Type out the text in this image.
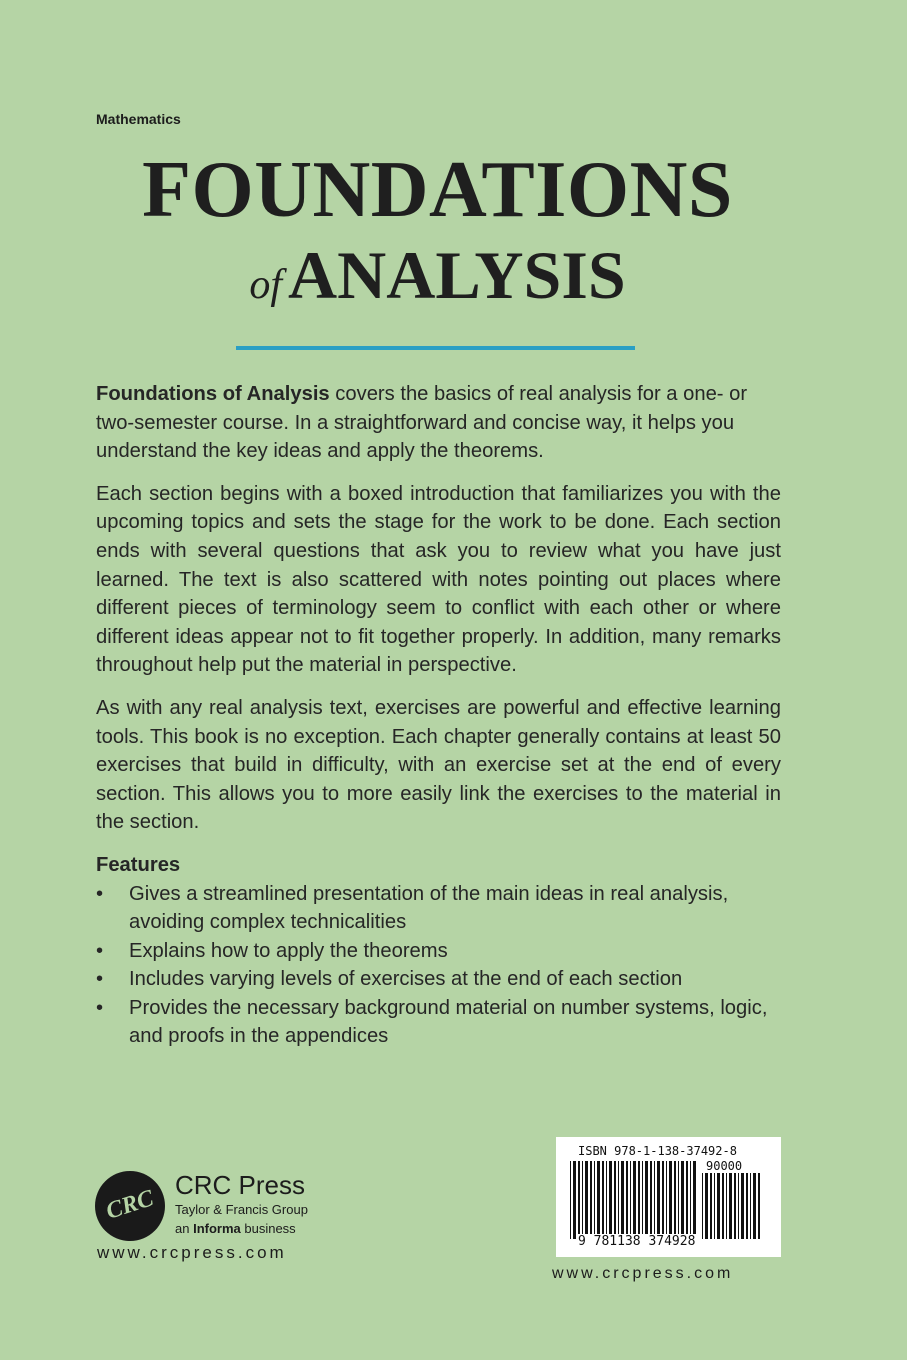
Mathematics
FOUNDATIONS
ofANALYSIS

Foundations of Analysis covers the basics of real analysis for a one- or two-semester course. In a straightforward and concise way, it helps you understand the key ideas and apply the theorems.

Each section begins with a boxed introduction that familiarizes you with the upcoming topics and sets the stage for the work to be done. Each section ends with several questions that ask you to review what you have just learned. The text is also scattered with notes pointing out places where different pieces of terminology seem to conflict with each other or where different ideas appear not to fit together properly. In addition, many remarks throughout help put the material in perspective.

As with any real analysis text, exercises are powerful and effective learning tools. This book is no exception. Each chapter generally contains at least 50 exercises that build in difficulty, with an exercise set at the end of every section. This allows you to more easily link the exercises to the material in the section.

Features
• Gives a streamlined presentation of the main ideas in real analysis, avoiding complex technicalities
• Explains how to apply the theorems
• Includes varying levels of exercises at the end of each section
• Provides the necessary background material on number systems, logic, and proofs in the appendices
CRC
CRC Press
Taylor & Francis Group
an Informa business
www.crcpress.com
ISBN 978-1-138-37492-8
90000
9 781138 374928
www.crcpress.com
